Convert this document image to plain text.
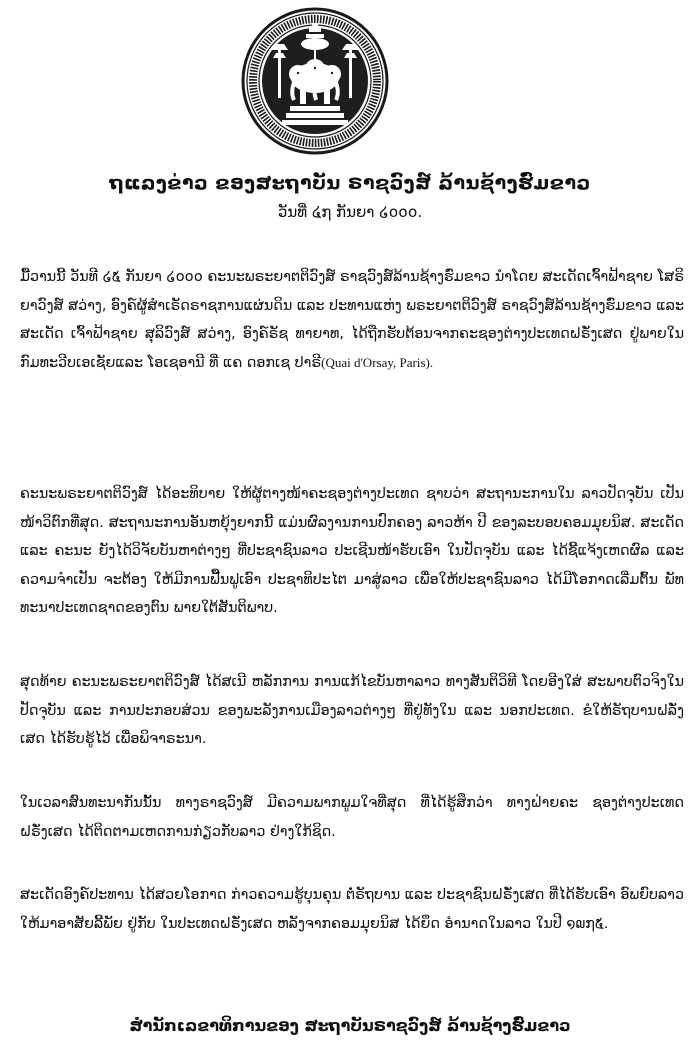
ຖແລງຂ່າວ ຂອງສະຖາບັນ ຣາຊວົງສ໌ ລ້ານຊ້າງຮົ່ມຂາວ
ວັນທີ່ ໔໗ ກັນຍາ ໒໐໐໐.

ມື້ວານນີ້ ວັນທີ ໒໕ ກັນຍາ ໒໐໐໐ ຄະນະພຣະຍາຕຕິວົງສ໌ ຣາຊວົງສ໌ລ້ານຊ້າງຮົ່ມຂາວ ນຳໂດຍ ສະເດັດເຈົ້າຟ້າຊາຍ ໂສຣິຍາວົງສ໌ ສວ່າງ, ອົງຄ໌ຜູ້ສຳເຣັດຣາຊການແຜ່ນດິນ ແລະ ປະທານແຫ່ງ ພຣະຍາຕຕິວົງສ໌ ຣາຊວົງສ໌ລ້ານຊ້າງຮົ່ມຂາວ ແລະ ສະເດັດ ເຈົ້າຟ້າຊາຍ ສຸລິວົງສ໌ ສວ່າງ, ອົງຄ໌ຣັຊ ທາຍາທ, ໄດ້ຖືກຮັບຕ້ອນຈາກຄະຊອງຕ່າງປະເທດຝຣັ່ງເສດ ຢູ່ພາຍໃນ ກົມທະວີບເອເຊັຍແລະ ໂອເຊອານີ ທີ່ ແຄ ດອກເຊ ປາຣີ(Quai d'Orsay, Paris).

ຄະນະພຣະຍາຕຕິວົງສ໌ ໄດ້ອະທິບາຍ ໃຫ້ຜູ້ຕາງໜ້າຄະຊອງຕ່າງປະເທດ ຊາບວ່າ ສະຖານະການໃນ ລາວປັດຈຸບັນ ເປັນໜ້າວິຕົກທີ່ສຸດ. ສະຖານະການອັນຫຍຸ້ງຍາກນີ້ ແມ່ນຜົລງານການປົກຄອງ ລາວຫ້າ ປີ ຂອງລະບອບຄອມມຸຍນິສ. ສະເດັດ ແລະ ຄະນະ ຍັງໄດ້ວິຈັຍບັນຫາຕ່າງໆ ທີ່ປະຊາຊົນລາວ ປະເຊີນໜ້າຮັບເອົາ ໃນປັດຈຸບັນ ແລະ ໄດ້ຊີ້ແຈ້ງເຫດຜົລ ແລະ ຄວາມຈຳເປັນ ຈະຕ້ອງ ໃຫ້ມີການຟື້ນຟູເອົາ ປະຊາທິປະໄຕ ມາສູ່ລາວ ເພື່ອໃຫ້ປະຊາຊົນລາວ ໄດ້ມີໂອກາດເລີ່ມຕົ້ນ ພັທ ທະນາປະເທດຊາດຂອງຕົນ ພາຍໃຕ້ສັນຕິພາບ.

ສຸດທ້າຍ ຄະນະພຣະຍາຕຕິວົງສ໌ ໄດ້ສເນີ ຫລັກການ ການແກ້ໄຂບັນຫາລາວ ທາງສັນຕິວິທີ ໂດຍອີງໃສ່ ສະພາບຕົວຈິງໃນປັດຈຸບັນ ແລະ ການປະກອບສ່ວນ ຂອງພະລັງການເມືອງລາວຕ່າງໆ ທີ່ຢູ່ທັງໃນ ແລະ ນອກປະເທດ. ຂໍໃຫ້ຣັຖບານຝລັ່ງເສດ ໄດ້ຮັບຮູ້ໄວ້ ເພື່ອພິຈາຣະນາ.

ໃນເວລາສົນທະນາກັນນັ້ນ ທາງຣາຊວົງສ໌ ມີຄວາມພາກພູມໃຈທີ່ສຸດ ທີ່ໄດ້ຮູ້ສຶກວ່າ ທາງຝ່າຍຄະ ຊອງຕ່າງປະເທດຝຣັ່ງເສດ ໄດ້ຕິດຕາມເຫດການກ່ຽວກັບລາວ ຢ່າງໃກ້ຊິດ.

ສະເດັດອົງຄ໌ປະທານ ໄດ້ສວຍໂອກາດ ກ່າວຄວາມຮູ້ບຸນຄຸນ ຕໍ່ຣັຖບານ ແລະ ປະຊາຊົນຝຣັ່ງເສດ ທີ່ໄດ້ຮັບເອົາ ອົພຍົບລາວ ໃຫ້ມາອາສັຍລີ້ພັຍ ຢູ່ກັບ ໃນປະເທດຝຣັ່ງເສດ ຫລັງຈາກຄອມມຸຍນິສ ໄດ້ຍຶດ ອຳນາດໃນລາວ ໃນປີ ໑໙໗໕.

ສຳນັກເລຂາທິການຂອງ ສະຖາບັນຣາຊວົງສ໌ ລ້ານຊ້າງຮົ່ມຂາວ
